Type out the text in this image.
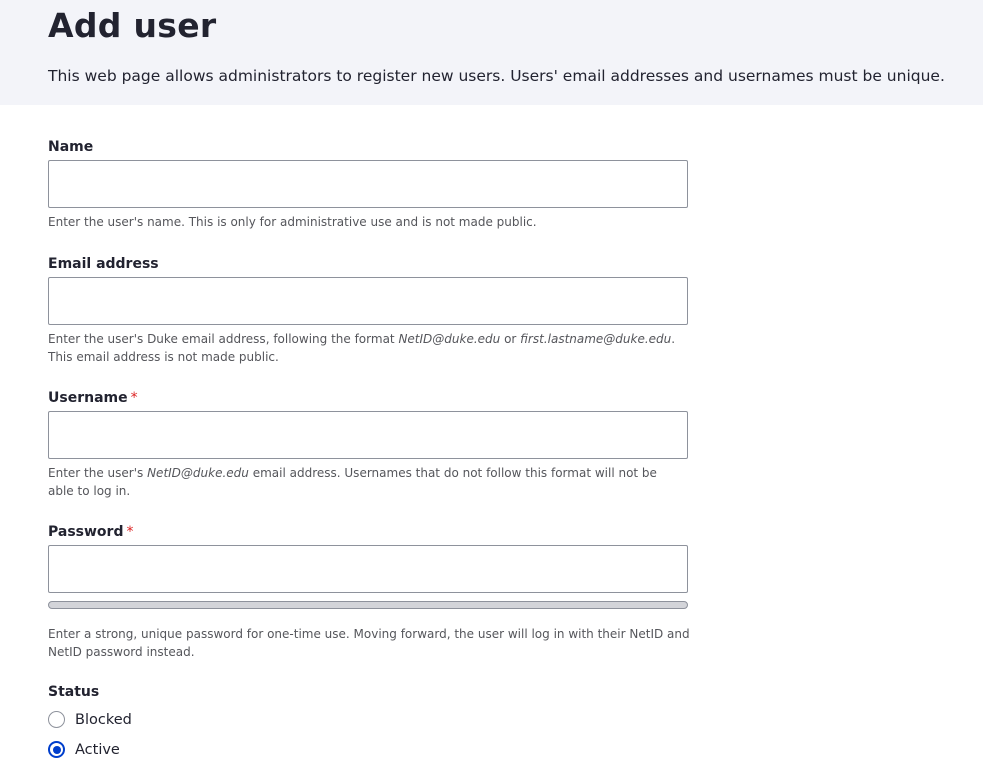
Add user
This web page allows administrators to register new users. Users' email addresses and usernames must be unique.
Name
Enter the user's name. This is only for administrative use and is not made public.
Email address
Enter the user's Duke email address, following the format NetID@duke.edu or first.lastname@duke.edu.
This email address is not made public.
Username *
Enter the user's NetID@duke.edu email address. Usernames that do not follow this format will not be able to log in.
Password *
Enter a strong, unique password for one-time use. Moving forward, the user will log in with their NetID and NetID password instead.
Status
Blocked
Active
